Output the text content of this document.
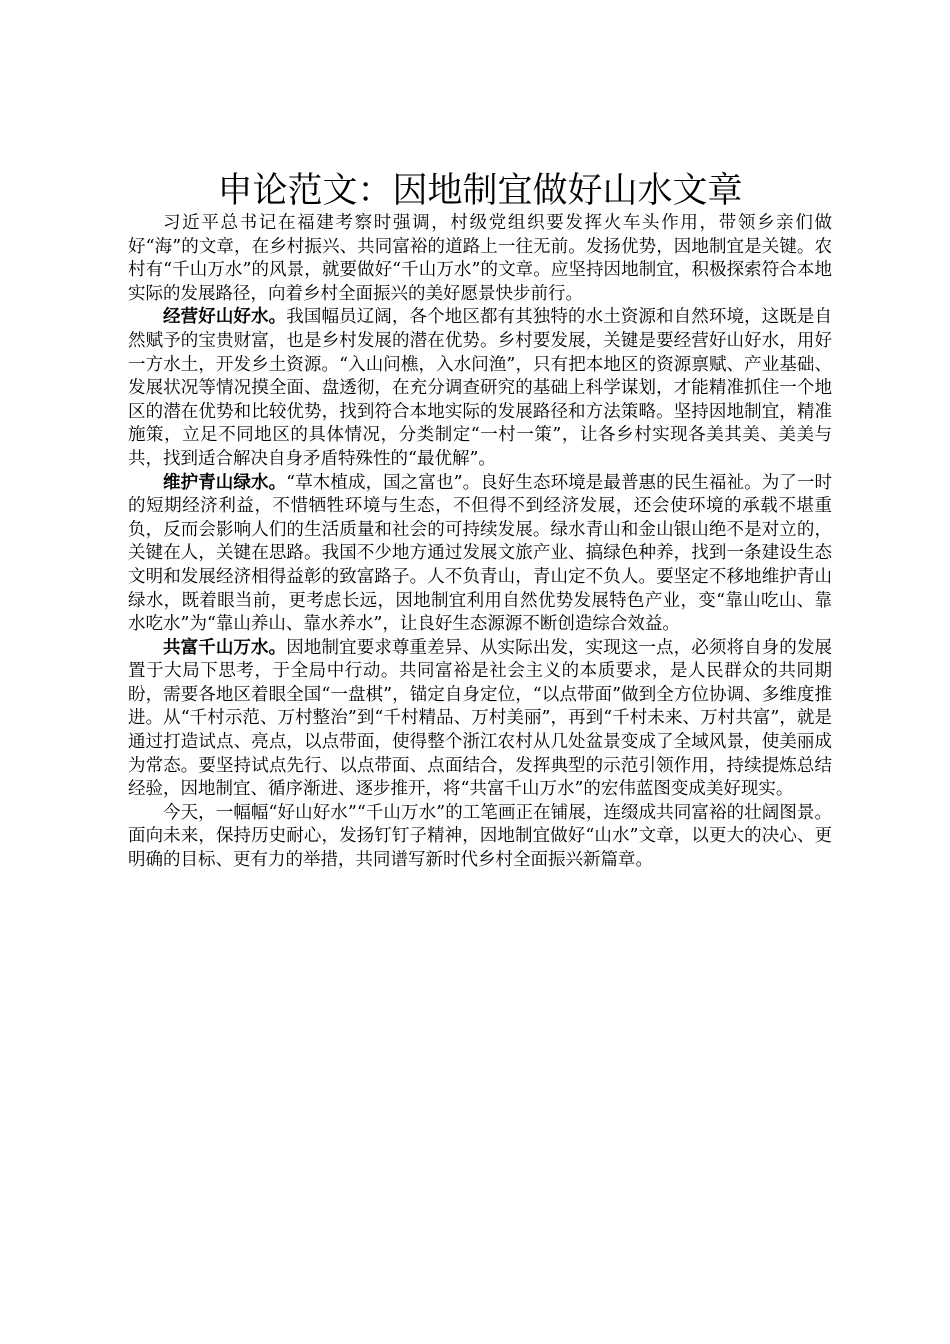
申论范文：因地制宜做好山水文章

习近平总书记在福建考察时强调，村级党组织要发挥火车头作用，带领乡亲们做好“海”的文章，在乡村振兴、共同富裕的道路上一往无前。发扬优势，因地制宜是关键。农村有“千山万水”的风景，就要做好“千山万水”的文章。应坚持因地制宜，积极探索符合本地实际的发展路径，向着乡村全面振兴的美好愿景快步前行。

经营好山好水。我国幅员辽阔，各个地区都有其独特的水土资源和自然环境，这既是自然赋予的宝贵财富，也是乡村发展的潜在优势。乡村要发展，关键是要经营好山好水，用好一方水土，开发乡土资源。“入山问樵，入水问渔”，只有把本地区的资源禀赋、产业基础、发展状况等情况摸全面、盘透彻，在充分调查研究的基础上科学谋划，才能精准抓住一个地区的潜在优势和比较优势，找到符合本地实际的发展路径和方法策略。坚持因地制宜，精准施策，立足不同地区的具体情况，分类制定“一村一策”，让各乡村实现各美其美、美美与共，找到适合解决自身矛盾特殊性的“最优解”。

维护青山绿水。“草木植成，国之富也”。良好生态环境是最普惠的民生福祉。为了一时的短期经济利益，不惜牺牲环境与生态，不但得不到经济发展，还会使环境的承载不堪重负，反而会影响人们的生活质量和社会的可持续发展。绿水青山和金山银山绝不是对立的，关键在人，关键在思路。我国不少地方通过发展文旅产业、搞绿色种养，找到一条建设生态文明和发展经济相得益彰的致富路子。人不负青山，青山定不负人。要坚定不移地维护青山绿水，既着眼当前，更考虑长远，因地制宜利用自然优势发展特色产业，变“靠山吃山、靠水吃水”为“靠山养山、靠水养水”，让良好生态源源不断创造综合效益。

共富千山万水。因地制宜要求尊重差异、从实际出发，实现这一点，必须将自身的发展置于大局下思考，于全局中行动。共同富裕是社会主义的本质要求，是人民群众的共同期盼，需要各地区着眼全国“一盘棋”，锚定自身定位，“以点带面”做到全方位协调、多维度推进。从“千村示范、万村整治”到“千村精品、万村美丽”，再到“千村未来、万村共富”，就是通过打造试点、亮点，以点带面，使得整个浙江农村从几处盆景变成了全域风景，使美丽成为常态。要坚持试点先行、以点带面、点面结合，发挥典型的示范引领作用，持续提炼总结经验，因地制宜、循序渐进、逐步推开，将“共富千山万水”的宏伟蓝图变成美好现实。

今天，一幅幅“好山好水”“千山万水”的工笔画正在铺展，连缀成共同富裕的壮阔图景。面向未来，保持历史耐心，发扬钉钉子精神，因地制宜做好“山水”文章，以更大的决心、更明确的目标、更有力的举措，共同谱写新时代乡村全面振兴新篇章。
